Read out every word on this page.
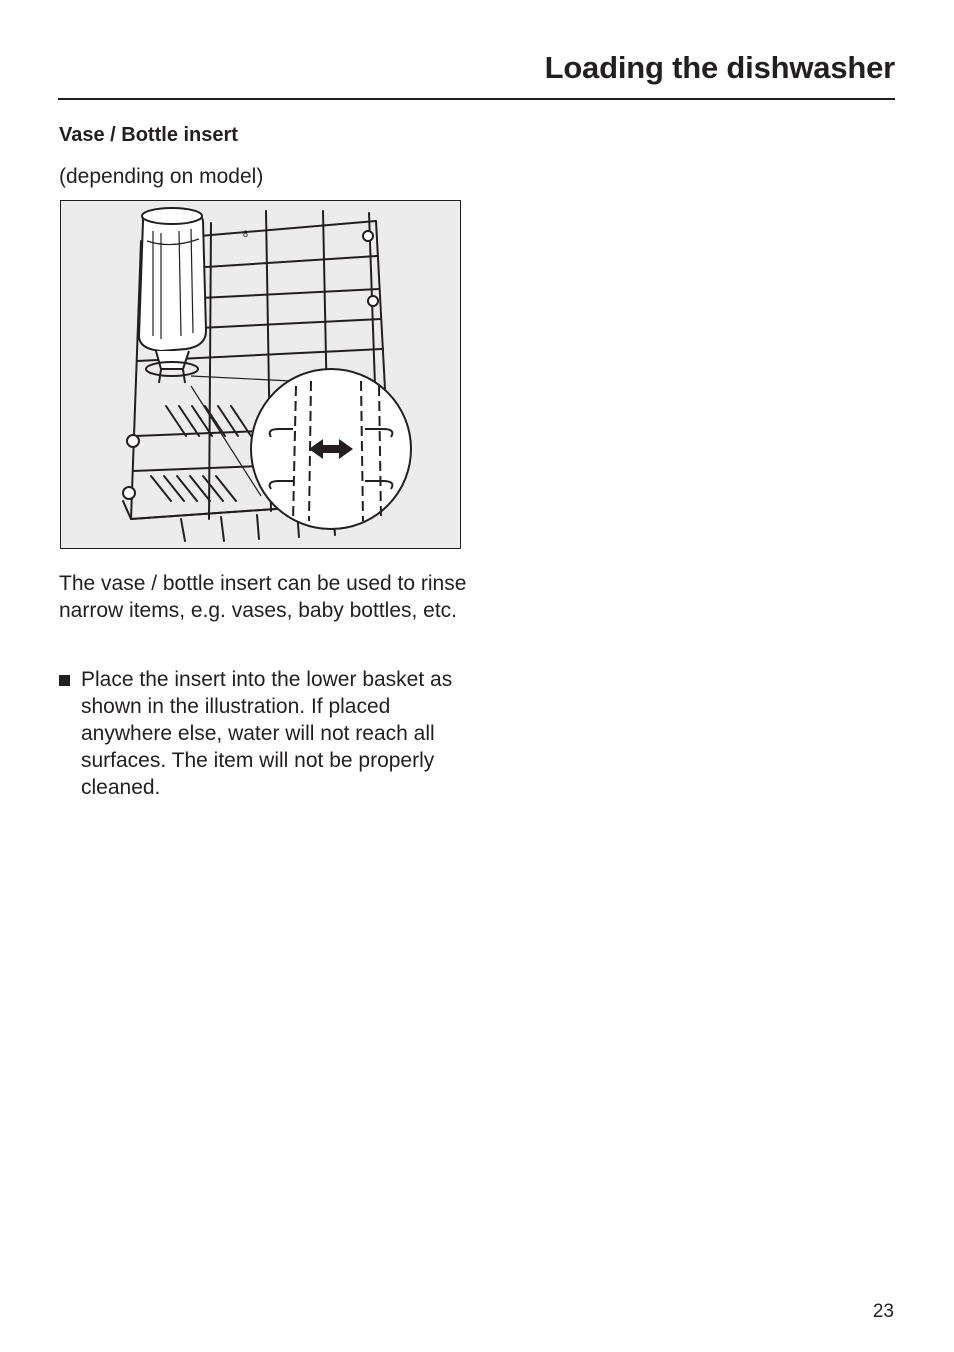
Loading the dishwasher
Vase / Bottle insert

(depending on model)

8

The vase / bottle insert can be used to rinse narrow items, e.g. vases, baby bottles, etc.

Place the insert into the lower basket as shown in the illustration. If placed anywhere else, water will not reach all surfaces. The item will not be properly cleaned.

23
